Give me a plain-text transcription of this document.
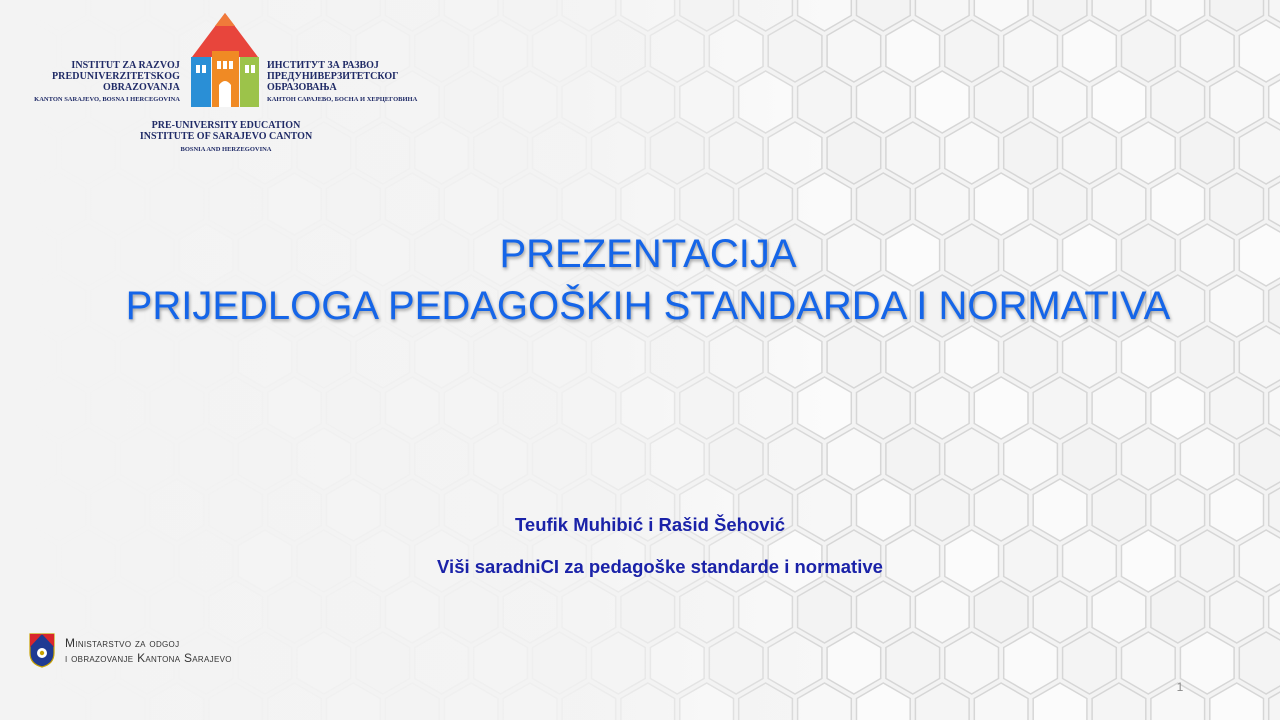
INSTITUT ZA RAZVOJ
PREDUNIVERZITETSKOG
OBRAZOVANJA
KANTON SARAJEVO, BOSNA I HERCEGOVINA
ИНСТИТУТ ЗА РАЗВОЈ
ПРЕДУНИВЕРЗИТЕТСКОГ
ОБРАЗОВАЊА
КАНТОН САРАЈЕВО, БОСНА И ХЕРЦЕГОВИНА
PRE-UNIVERSITY EDUCATION
INSTITUTE OF SARAJEVO CANTON
BOSNIA AND HERZEGOVINA
PREZENTACIJA
PRIJEDLOGA PEDAGOŠKIH STANDARDA I NORMATIVA
Teufik Muhibić i Rašid Šehović
Viši saradniCI za pedagoške standarde i normative
Ministarstvo za odgoj
i obrazovanje Kantona Sarajevo
1
